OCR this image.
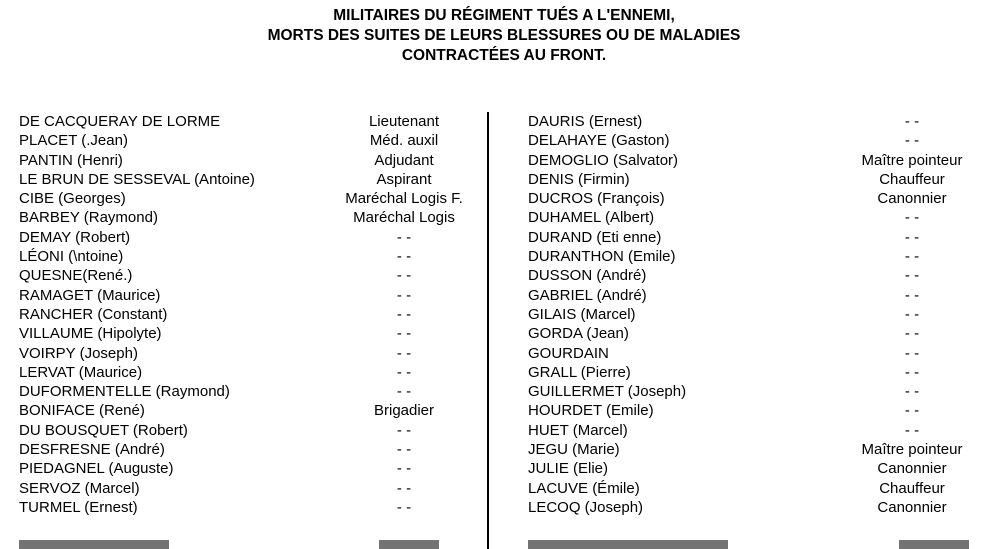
MILITAIRES DU RÉGIMENT TUÉS A L'ENNEMI,
MORTS DES SUITES DE LEURS BLESSURES OU DE MALADIES
CONTRACTÉES AU FRONT.
DE CACQUERAY DE LORME	Lieutenant
PLACET (.Jean)	Méd. auxil
PANTIN (Henri)	Adjudant
LE BRUN DE SESSEVAL (Antoine)	Aspirant
CIBE (Georges)	Maréchal Logis F.
BARBEY (Raymond)	Maréchal Logis
DEMAY (Robert)	- -
LÉONI (\ntoine)	- -
QUESNE(René.)	- -
RAMAGET (Maurice)	- -
RANCHER (Constant)	- -
VILLAUME (Hipolyte)	- -
VOIRPY (Joseph)	- -
LERVAT (Maurice)	- -
DUFORMENTELLE (Raymond)	- -
BONIFACE (René)	Brigadier
DU BOUSQUET (Robert)	- -
DESFRESNE (André)	- -
PIEDAGNEL (Auguste)	- -
SERVOZ (Marcel)	- -
TURMEL (Ernest)	- -
DAURIS (Ernest)	- -
DELAHAYE (Gaston)	- -
DEMOGLIO (Salvator)	Maître pointeur
DENIS (Firmin)	Chauffeur
DUCROS (François)	Canonnier
DUHAMEL (Albert)	- -
DURAND (Eti enne)	- -
DURANTHON (Emile)	- -
DUSSON (André)	- -
GABRIEL (André)	- -
GILAIS (Marcel)	- -
GORDA (Jean)	- -
GOURDAIN	- -
GRALL (Pierre)	- -
GUILLERMET (Joseph)	- -
HOURDET (Emile)	- -
HUET (Marcel)	- -
JEGU (Marie)	Maître pointeur
JULIE (Elie)	Canonnier
LACUVE (Émile)	Chauffeur
LECOQ (Joseph)	Canonnier
